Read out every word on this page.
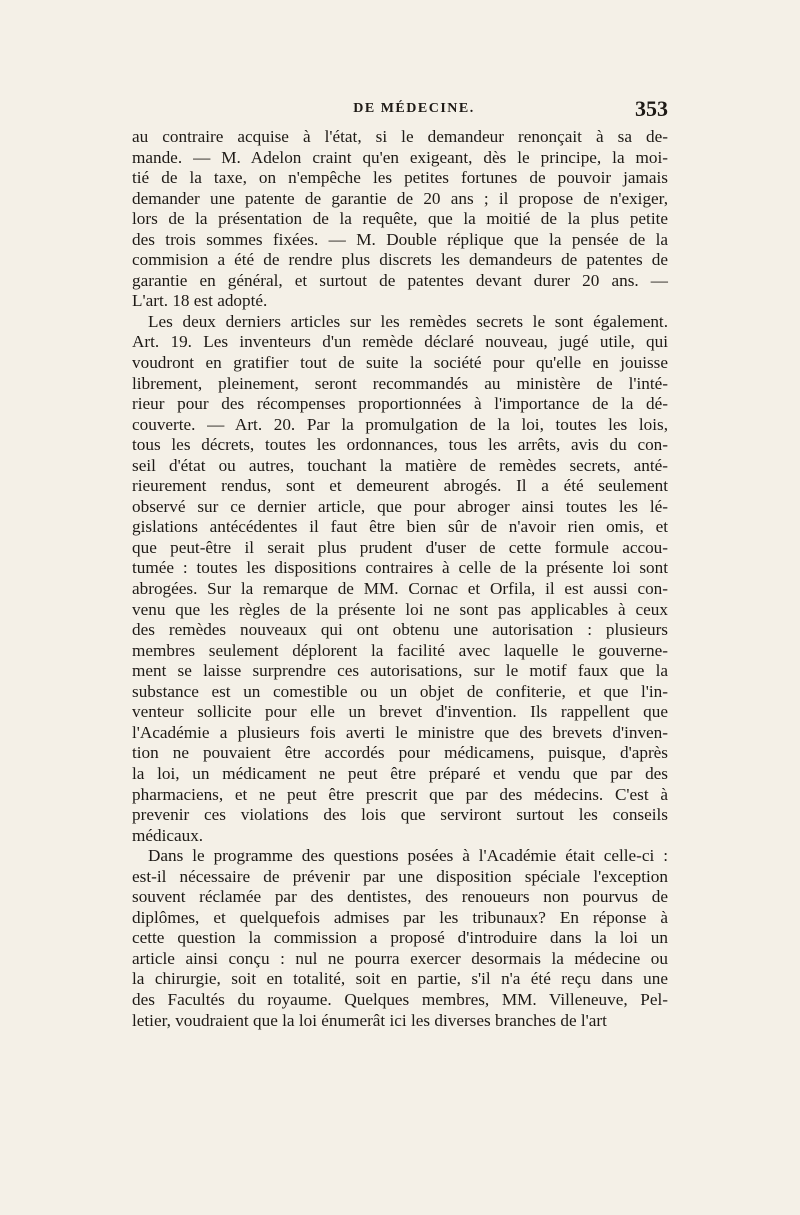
DE MÉDECINE.	353
au contraire acquise à l'état, si le demandeur renonçait à sa de-
mande. — M. Adelon craint qu'en exigeant, dès le principe, la moi-
tié de la taxe, on n'empêche les petites fortunes de pouvoir jamais
demander une patente de garantie de 20 ans ; il propose de n'exiger,
lors de la présentation de la requête, que la moitié de la plus petite
des trois sommes fixées. — M. Double réplique que la pensée de la
commision a été de rendre plus discrets les demandeurs de patentes de
garantie en général, et surtout de patentes devant durer 20 ans. —
L'art. 18 est adopté.
Les deux derniers articles sur les remèdes secrets le sont également.
Art. 19. Les inventeurs d'un remède déclaré nouveau, jugé utile, qui
voudront en gratifier tout de suite la société pour qu'elle en jouisse
librement, pleinement, seront recommandés au ministère de l'inté-
rieur pour des récompenses proportionnées à l'importance de la dé-
couverte. — Art. 20. Par la promulgation de la loi, toutes les lois,
tous les décrets, toutes les ordonnances, tous les arrêts, avis du con-
seil d'état ou autres, touchant la matière de remèdes secrets, anté-
rieurement rendus, sont et demeurent abrogés. Il a été seulement
observé sur ce dernier article, que pour abroger ainsi toutes les lé-
gislations antécédentes il faut être bien sûr de n'avoir rien omis, et
que peut-être il serait plus prudent d'user de cette formule accou-
tumée : toutes les dispositions contraires à celle de la présente loi sont
abrogées. Sur la remarque de MM. Cornac et Orfila, il est aussi con-
venu que les règles de la présente loi ne sont pas applicables à ceux
des remèdes nouveaux qui ont obtenu une autorisation : plusieurs
membres seulement déplorent la facilité avec laquelle le gouverne-
ment se laisse surprendre ces autorisations, sur le motif faux que la
substance est un comestible ou un objet de confiterie, et que l'in-
venteur sollicite pour elle un brevet d'invention. Ils rappellent que
l'Académie a plusieurs fois averti le ministre que des brevets d'inven-
tion ne pouvaient être accordés pour médicamens, puisque, d'après
la loi, un médicament ne peut être préparé et vendu que par des
pharmaciens, et ne peut être prescrit que par des médecins. C'est à
prevenir ces violations des lois que serviront surtout les conseils
médicaux.
Dans le programme des questions posées à l'Académie était celle-ci :
est-il nécessaire de prévenir par une disposition spéciale l'exception
souvent réclamée par des dentistes, des renoueurs non pourvus de
diplômes, et quelquefois admises par les tribunaux? En réponse à
cette question la commission a proposé d'introduire dans la loi un
article ainsi conçu : nul ne pourra exercer desormais la médecine ou
la chirurgie, soit en totalité, soit en partie, s'il n'a été reçu dans une
des Facultés du royaume. Quelques membres, MM. Villeneuve, Pel-
letier, voudraient que la loi énumerât ici les diverses branches de l'art
